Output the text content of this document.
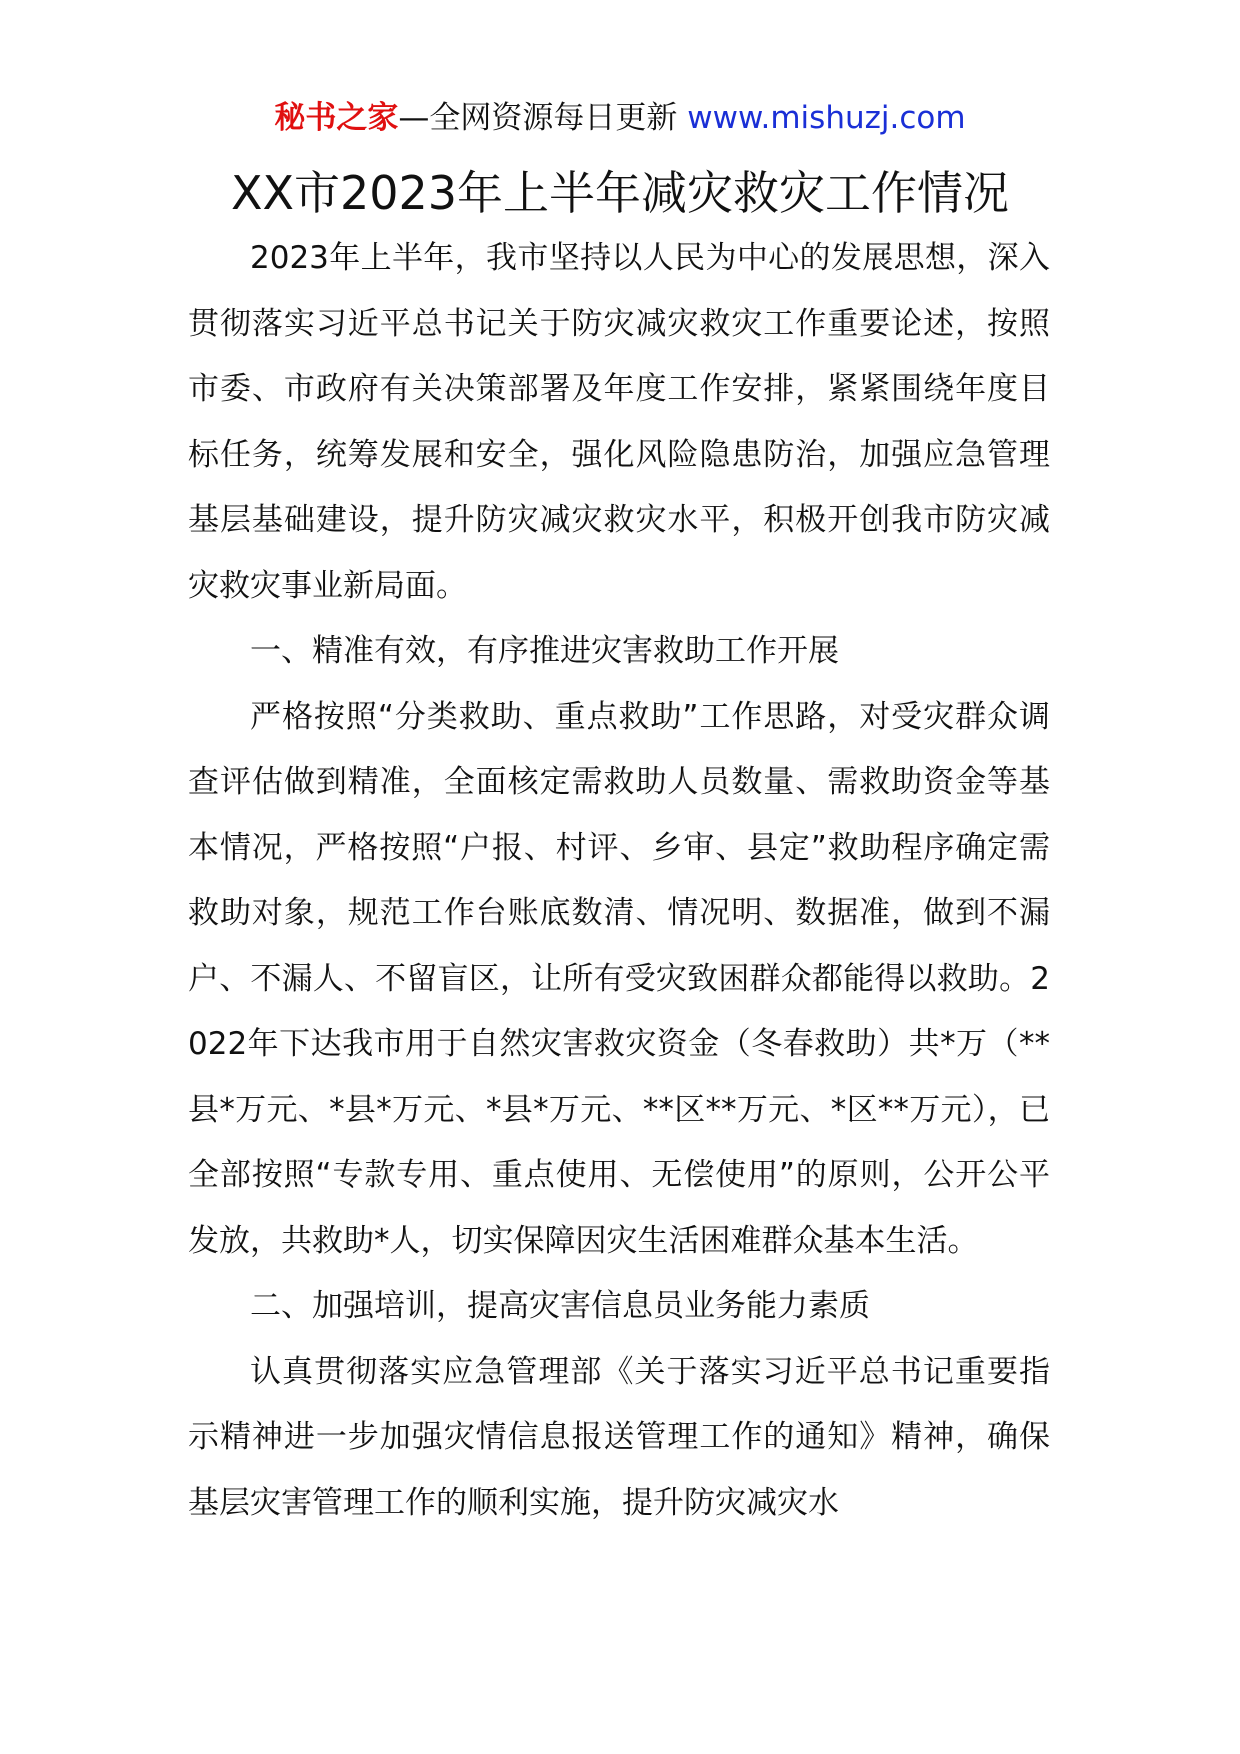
秘书之家—全网资源每日更新 www.mishuzj.com
XX市2023年上半年减灾救灾工作情况

2023年上半年，我市坚持以人民为中心的发展思想，深入贯彻落实习近平总书记关于防灾减灾救灾工作重要论述，按照市委、市政府有关决策部署及年度工作安排，紧紧围绕年度目标任务，统筹发展和安全，强化风险隐患防治，加强应急管理基层基础建设，提升防灾减灾救灾水平，积极开创我市防灾减灾救灾事业新局面。

一、精准有效，有序推进灾害救助工作开展

严格按照“分类救助、重点救助”工作思路，对受灾群众调查评估做到精准，全面核定需救助人员数量、需救助资金等基本情况，严格按照“户报、村评、乡审、县定”救助程序确定需救助对象，规范工作台账底数清、情况明、数据准，做到不漏户、不漏人、不留盲区，让所有受灾致困群众都能得以救助。2022年下达我市用于自然灾害救灾资金（冬春救助）共*万（**县*万元、*县*万元、*县*万元、**区**万元、*区**万元），已全部按照“专款专用、重点使用、无偿使用”的原则，公开公平发放，共救助*人，切实保障因灾生活困难群众基本生活。

二、加强培训，提高灾害信息员业务能力素质

认真贯彻落实应急管理部《关于落实习近平总书记重要指示精神进一步加强灾情信息报送管理工作的通知》精神，确保基层灾害管理工作的顺利实施，提升防灾减灾水
